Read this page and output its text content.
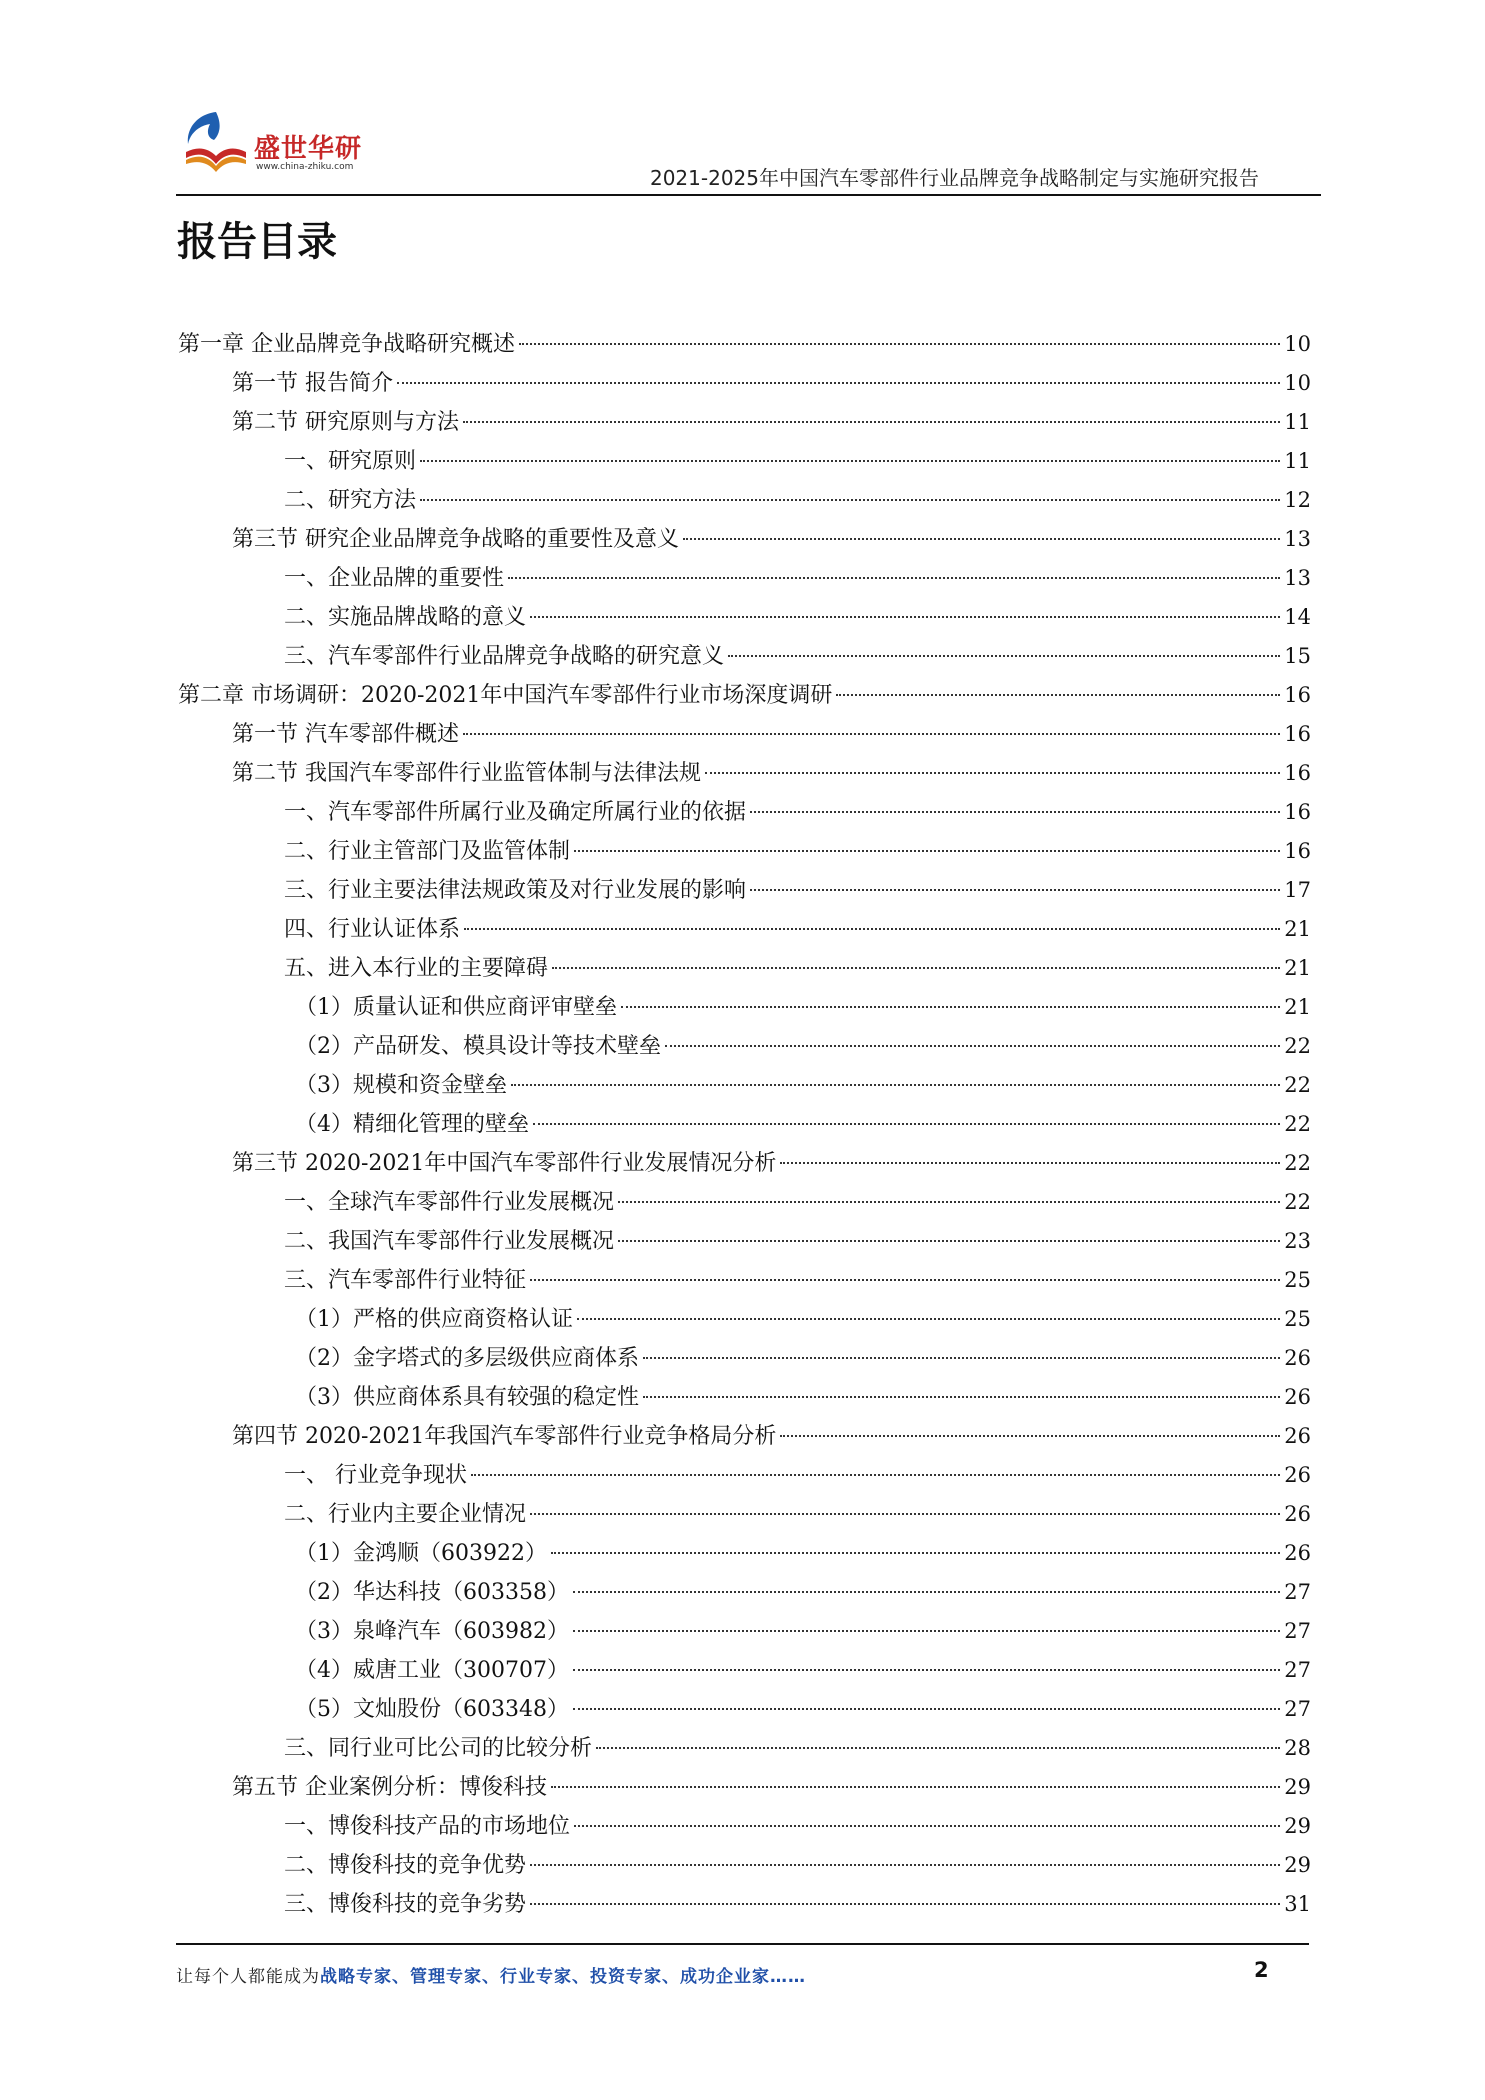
盛世华研
www.china-zhiku.com	2021-2025年中国汽车零部件行业品牌竞争战略制定与实施研究报告
报告目录
第一章 企业品牌竞争战略研究概述	10
第一节 报告简介	10
第二节 研究原则与方法	11
一、研究原则	11
二、研究方法	12
第三节 研究企业品牌竞争战略的重要性及意义	13
一、企业品牌的重要性	13
二、实施品牌战略的意义	14
三、汽车零部件行业品牌竞争战略的研究意义	15
第二章 市场调研：2020-2021年中国汽车零部件行业市场深度调研	16
第一节 汽车零部件概述	16
第二节 我国汽车零部件行业监管体制与法律法规	16
一、汽车零部件所属行业及确定所属行业的依据	16
二、行业主管部门及监管体制	16
三、行业主要法律法规政策及对行业发展的影响	17
四、行业认证体系	21
五、进入本行业的主要障碍	21
（1）质量认证和供应商评审壁垒	21
（2）产品研发、模具设计等技术壁垒	22
（3）规模和资金壁垒	22
（4）精细化管理的壁垒	22
第三节 2020-2021年中国汽车零部件行业发展情况分析	22
一、全球汽车零部件行业发展概况	22
二、我国汽车零部件行业发展概况	23
三、汽车零部件行业特征	25
（1）严格的供应商资格认证	25
（2）金字塔式的多层级供应商体系	26
（3）供应商体系具有较强的稳定性	26
第四节 2020-2021年我国汽车零部件行业竞争格局分析	26
一、 行业竞争现状	26
二、行业内主要企业情况	26
（1）金鸿顺（603922）	26
（2）华达科技（603358）	27
（3）泉峰汽车（603982）	27
（4）威唐工业（300707）	27
（5）文灿股份（603348）	27
三、同行业可比公司的比较分析	28
第五节 企业案例分析：博俊科技	29
一、博俊科技产品的市场地位	29
二、博俊科技的竞争优势	29
三、博俊科技的竞争劣势	31
让每个人都能成为战略专家、管理专家、行业专家、投资专家、成功企业家……	2
